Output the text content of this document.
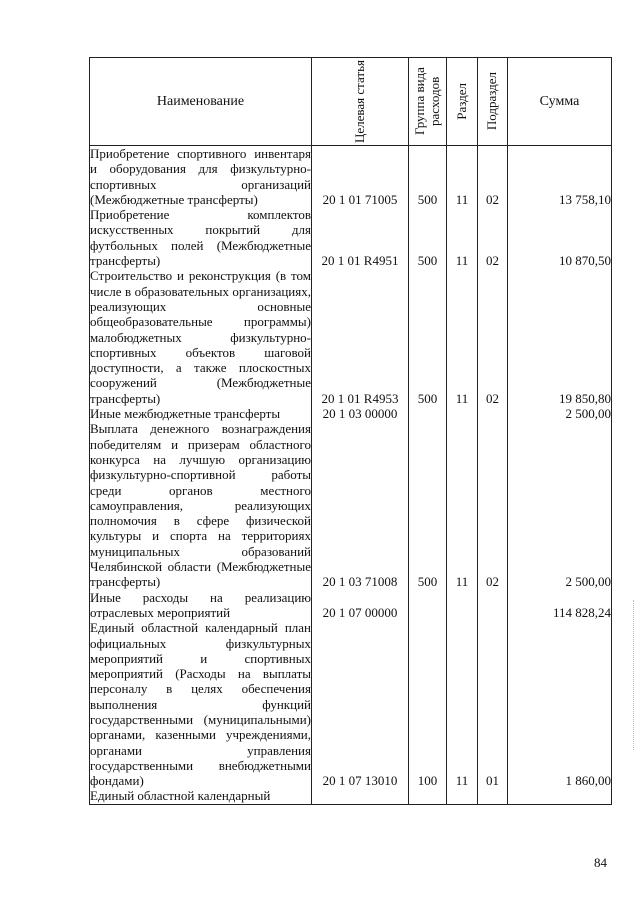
Наименование	Целевая статья	Группа вида расходов	Раздел	Подраздел	Сумма
Приобретение спортивного инвентаря и оборудования для физкультурно-спортивных организаций (Межбюджетные трансферты)	20 1 01 71005	500	11	02	13 758,10
Приобретение комплектов искусственных покрытий для футбольных полей (Межбюджетные трансферты)	20 1 01 R4951	500	11	02	10 870,50
Строительство и реконструкция (в том числе в образовательных организациях, реализующих основные общеобразовательные программы) малобюджетных физкультурно-спортивных объектов шаговой доступности, а также плоскостных сооружений (Межбюджетные трансферты)	20 1 01 R4953	500	11	02	19 850,80
Иные межбюджетные трансферты	20 1 03 00000				2 500,00
Выплата денежного вознаграждения победителям и призерам областного конкурса на лучшую организацию физкультурно-спортивной работы среди органов местного самоуправления, реализующих полномочия в сфере физической культуры и спорта на территориях муниципальных образований Челябинской области (Межбюджетные трансферты)	20 1 03 71008	500	11	02	2 500,00
Иные расходы на реализацию отраслевых мероприятий	20 1 07 00000				114 828,24
Единый областной календарный план официальных физкультурных мероприятий и спортивных мероприятий (Расходы на выплаты персоналу в целях обеспечения выполнения функций государственными (муниципальными) органами, казенными учреждениями, органами управления государственными внебюджетными фондами)	20 1 07 13010	100	11	01	1 860,00
Единый областной календарный					
84
